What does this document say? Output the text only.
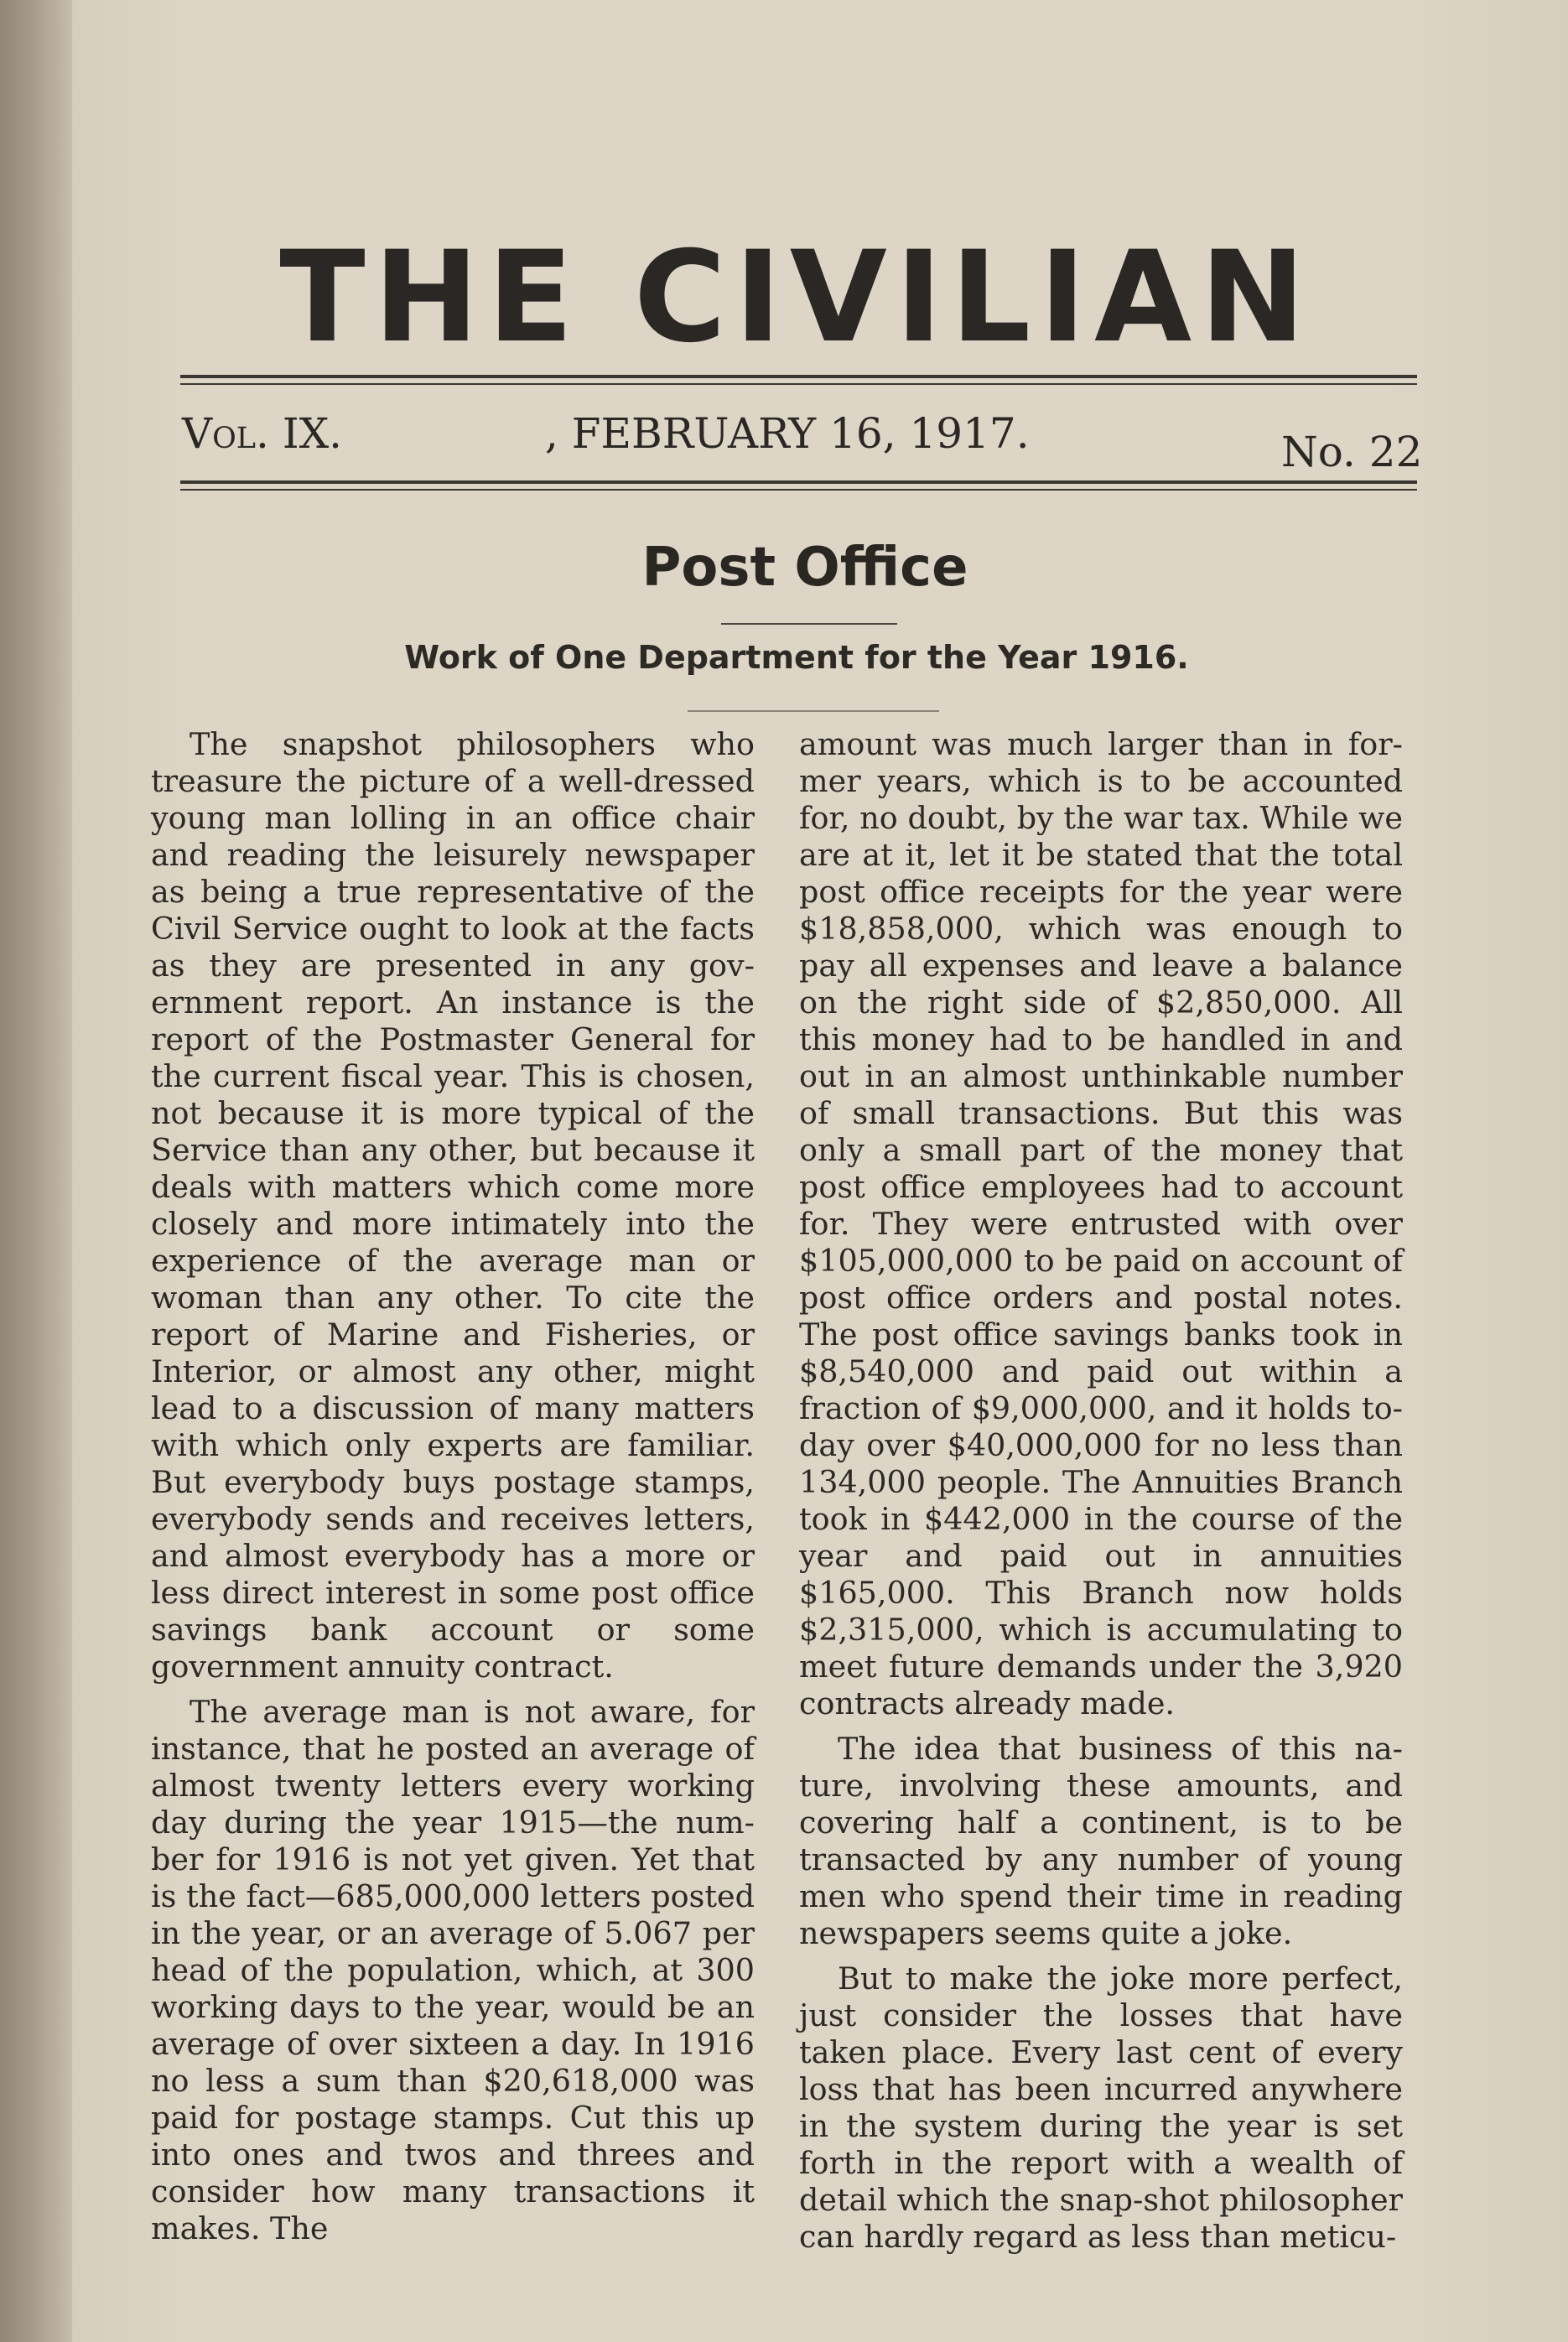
THE CIVILIAN
Vol. IX.	, FEBRUARY 16, 1917.	No. 22
Post Office
Work of One Department for the Year 1916.

The snapshot philosophers who treasure the picture of a well-dressed young man lolling in an office chair and reading the leisurely newspaper as being a true representative of the Civil Service ought to look at the facts as they are presented in any government report. An instance is the report of the Postmaster General for the current fiscal year. This is chosen, not because it is more typical of the Service than any other, but because it deals with matters which come more closely and more intimately into the experience of the average man or woman than any other. To cite the report of Marine and Fisheries, or Interior, or almost any other, might lead to a discussion of many matters with which only experts are familiar. But everybody buys postage stamps, everybody sends and receives letters, and almost everybody has a more or less direct interest in some post office savings bank account or some government annuity contract.

The average man is not aware, for instance, that he posted an average of almost twenty letters every working day during the year 1915—the number for 1916 is not yet given. Yet that is the fact—685,000,000 letters posted in the year, or an average of 5.067 per head of the population, which, at 300 working days to the year, would be an average of over sixteen a day. In 1916 no less a sum than $20,618,000 was paid for postage stamps. Cut this up into ones and twos and threes and consider how many transactions it makes. The

amount was much larger than in former years, which is to be accounted for, no doubt, by the war tax. While we are at it, let it be stated that the total post office receipts for the year were $18,858,000, which was enough to pay all expenses and leave a balance on the right side of $2,850,000. All this money had to be handled in and out in an almost unthinkable number of small transactions. But this was only a small part of the money that post office employees had to account for. They were entrusted with over $105,000,000 to be paid on account of post office orders and postal notes. The post office savings banks took in $8,540,000 and paid out within a fraction of $9,000,000, and it holds to-day over $40,000,000 for no less than 134,000 people. The Annuities Branch took in $442,000 in the course of the year and paid out in annuities $165,000. This Branch now holds $2,315,000, which is accumulating to meet future demands under the 3,920 contracts already made.

The idea that business of this nature, involving these amounts, and covering half a continent, is to be transacted by any number of young men who spend their time in reading newspapers seems quite a joke.

But to make the joke more perfect, just consider the losses that have taken place. Every last cent of every loss that has been incurred anywhere in the system during the year is set forth in the report with a wealth of detail which the snap-shot philosopher can hardly regard as less than meticu-
